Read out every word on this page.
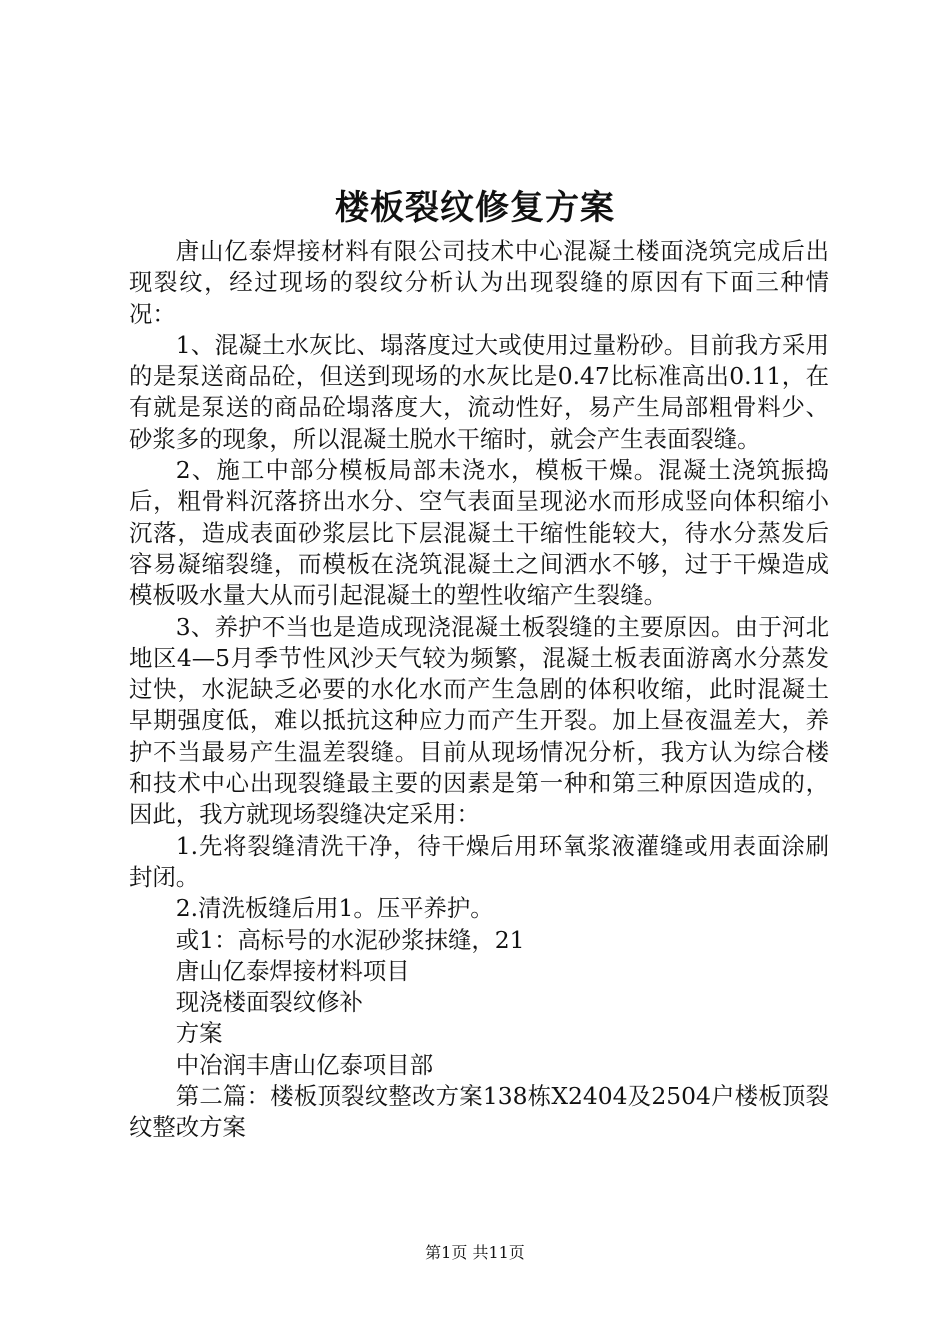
楼板裂纹修复方案

唐山亿泰焊接材料有限公司技术中心混凝土楼面浇筑完成后出现裂纹，经过现场的裂纹分析认为出现裂缝的原因有下面三种情况：

1、混凝土水灰比、塌落度过大或使用过量粉砂。目前我方采用的是泵送商品砼，但送到现场的水灰比是0.47比标准高出0.11，在有就是泵送的商品砼塌落度大，流动性好，易产生局部粗骨料少、砂浆多的现象，所以混凝土脱水干缩时，就会产生表面裂缝。

2、施工中部分模板局部未浇水，模板干燥。混凝土浇筑振捣后，粗骨料沉落挤出水分、空气表面呈现泌水而形成竖向体积缩小沉落，造成表面砂浆层比下层混凝土干缩性能较大，待水分蒸发后容易凝缩裂缝，而模板在浇筑混凝土之间洒水不够，过于干燥造成模板吸水量大从而引起混凝土的塑性收缩产生裂缝。

3、养护不当也是造成现浇混凝土板裂缝的主要原因。由于河北地区4—5月季节性风沙天气较为频繁，混凝土板表面游离水分蒸发过快，水泥缺乏必要的水化水而产生急剧的体积收缩，此时混凝土早期强度低，难以抵抗这种应力而产生开裂。加上昼夜温差大，养护不当最易产生温差裂缝。目前从现场情况分析，我方认为综合楼和技术中心出现裂缝最主要的因素是第一种和第三种原因造成的，因此，我方就现场裂缝决定采用：

1.先将裂缝清洗干净，待干燥后用环氧浆液灌缝或用表面涂刷封闭。

2.清洗板缝后用1。压平养护。

或1：高标号的水泥砂浆抹缝，21

唐山亿泰焊接材料项目

现浇楼面裂纹修补

方案

中冶润丰唐山亿泰项目部

第二篇：楼板顶裂纹整改方案138栋X2404及2504户楼板顶裂纹整改方案

第1页 共11页
